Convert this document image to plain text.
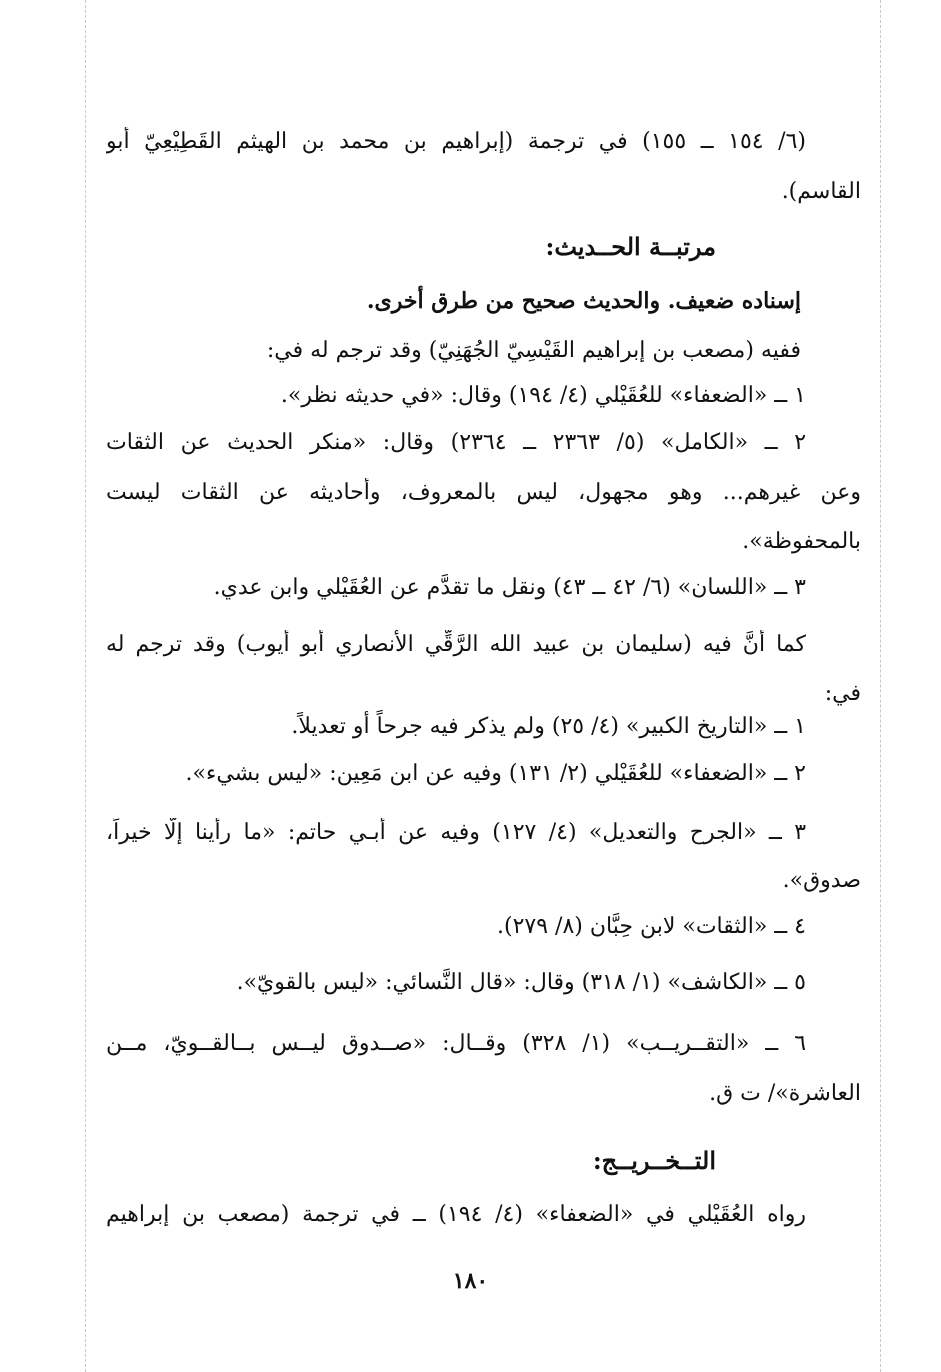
(٦/ ١٥٤ ــ ١٥٥) في ترجمة (إبراهيم بن محمد بن الهيثم القَطِيْعِيّ أبو
القاسم).
مرتبــة الحــديث:
إسناده ضعيف. والحديث صحيح من طرق أخرى.
ففيه (مصعب بن إبراهيم القَيْسِيّ الجُهَنِيّ) وقد ترجم له في:
١ ــ «الضعفاء» للعُقَيْلي (٤/ ١٩٤) وقال: «في حديثه نظر».
٢ ــ «الكامل» (٥/ ٢٣٦٣ ــ ٢٣٦٤) وقال: «منكر الحديث عن الثقات
وعن غيرهم... وهو مجهول، ليس بالمعروف، وأحاديثه عن الثقات ليست
بالمحفوظة».
٣ ــ «اللسان» (٦/ ٤٢ ــ ٤٣) ونقل ما تقدَّم عن العُقَيْلي وابن عدي.
كما أنَّ فيه (سليمان بن عبيد الله الرَّقِّي الأنصاري أبو أيوب) وقد ترجم له
في:
١ ــ «التاريخ الكبير» (٤/ ٢٥) ولم يذكر فيه جرحاً أو تعديلاً.
٢ ــ «الضعفاء» للعُقَيْلي (٢/ ١٣١) وفيه عن ابن مَعِين: «ليس بشيء».
٣ ــ «الجرح والتعديل» (٤/ ١٢٧) وفيه عن أبـي حاتم: «ما رأينا إلَّا خيراً،
صدوق».
٤ ــ «الثقات» لابن حِبَّان (٨/ ٢٧٩).
٥ ــ «الكاشف» (١/ ٣١٨) وقال: «قال النَّسائي: «ليس بالقويّ».
٦ ــ «التقــريــب» (١/ ٣٢٨) وقــال: «صــدوق ليــس بــالقــويّ، مــن
العاشرة»/ ت ق.
التــخــريــج:
رواه العُقَيْلي في «الضعفاء» (٤/ ١٩٤) ــ في ترجمة (مصعب بن إبراهيم
١٨٠
